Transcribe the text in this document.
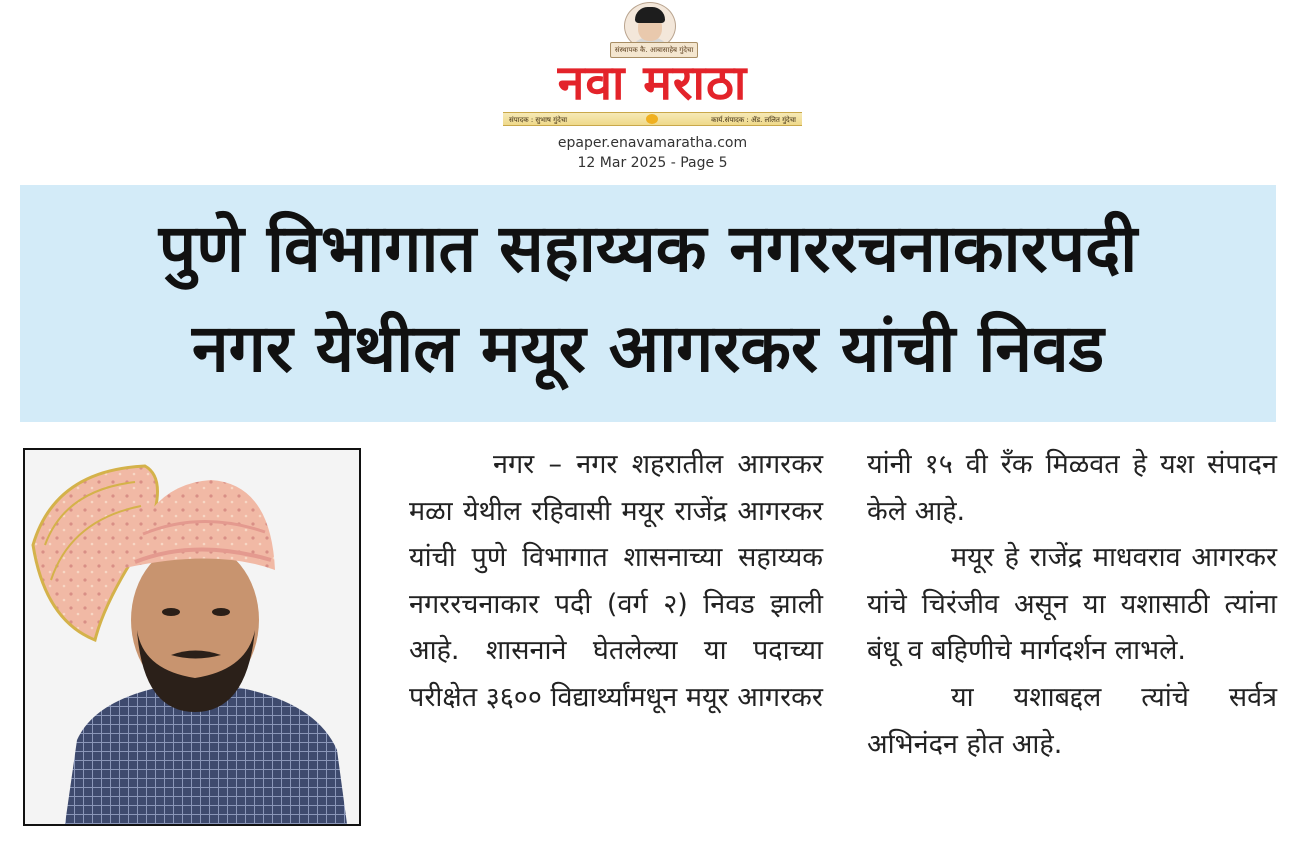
संस्थापक कै. आबासाहेब गुंदेचा
नवा मराठा
संपादक : सुभाष गुंदेचा	कार्य.संपादक : ॲड. ललित गुंदेचा
epaper.enavamaratha.com
12 Mar 2025 - Page 5
पुणे विभागात सहाय्यक नगररचनाकारपदी
नगर येथील मयूर आगरकर यांची निवड

नगर – नगर शहरातील आगरकर मळा येथील रहिवासी मयूर राजेंद्र आगरकर यांची पुणे विभागात शासनाच्या सहाय्यक नगररचनाकार पदी (वर्ग २) निवड झाली आहे. शासनाने घेतलेल्या या पदाच्या परीक्षेत ३६०० विद्यार्थ्यांमधून मयूर आगरकर

यांनी १५ वी रँक मिळवत हे यश संपादन केले आहे.

मयूर हे राजेंद्र माधवराव आगरकर यांचे चिरंजीव असून या यशासाठी त्यांना बंधू व बहिणीचे मार्गदर्शन लाभले.

या यशाबद्दल त्यांचे सर्वत्र अभिनंदन होत आहे.
